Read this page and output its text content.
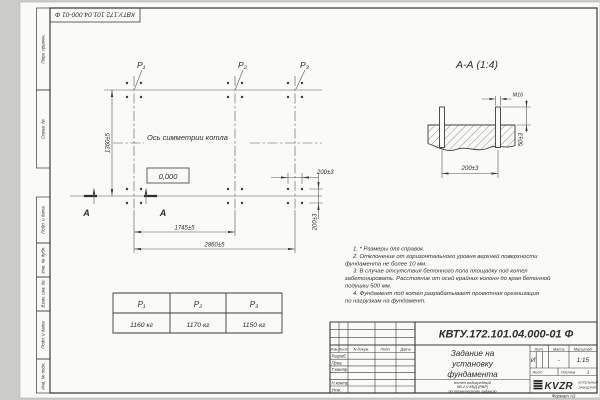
КВТУ.172.101.04.000-01 Ф
Перв. примен.
Справ. №
Подп. и дата
Инв. № дубл.
Взам. инв. №
Подп. и дата
Инв. № подл.
Ось симметрии котла
P₁	P₂	P₃
0,000
1360±5
1745±5
2860±5
200±3
200±3
А	А
А-А (1:4)
М16
50±3
200±3
1. * Размеры для справок.
2. Отклонение от горизонтального уровня верхней поверхности
фундамента не более 10 мм.
3. В случае отсутствия бетонного пола площадку под котел
забетонировать. Расстояние от осей крайних колонн до края бетонной
подушки 500 мм.
4. Фундамент под котел разрабатывает проектная организация
по нагрузкам на фундамент.
P₁	P₂	P₃
1160 кг	1170 кг	1150 кг
КВТУ.172.101.04.000-01 Ф
Изм. Лист N докум.	Подп. Дата
Разраб.
Пров.
Т.контр.
Н.контр.
Утв.
Задание на
установку
фундамента
Котел водогрейный
КВ-2,0 КБД (РВР)
по техническому заданию
Лит. Масса Масштаб
И	-	1:15
Лист	Листов	1
KVZR КОТЕЛЬНЫЙ
ЗАВОД РЭП
Формат А3
